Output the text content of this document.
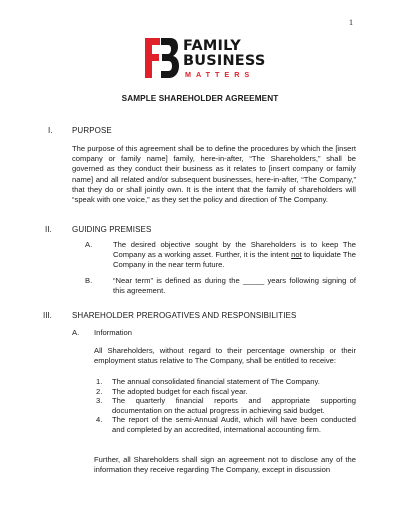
1
FAMILY
BUSINESS
MATTERS
SAMPLE SHAREHOLDER AGREEMENT
I. PURPOSE
The purpose of this agreement shall be to define the procedures by which the [insert company or family name] family, here-in-after, “The Shareholders,” shall be governed as they conduct their business as it relates to [insert company or family name] and all related and/or subsequent businesses, here-in-after, “The Company,” that they do or shall jointly own. It is the intent that the family of shareholders will “speak with one voice,” as they set the policy and direction of The Company.
II.	GUIDING PREMISES
A.	The desired objective sought by the Shareholders is to keep The Company as a working asset. Further, it is the intent not to liquidate The Company in the near term future.
B.	“Near term” is defined as during the _____ years following signing of this agreement.
III.	SHAREHOLDER PREROGATIVES AND RESPONSIBILITIES
A. Information
All Shareholders, without regard to their percentage ownership or their employment status relative to The Company, shall be entitled to receive:
1. The annual consolidated financial statement of The Company.
2. The adopted budget for each fiscal year.
3. The quarterly financial reports and appropriate supporting documentation on the actual progress in achieving said budget.
4. The report of the semi-Annual Audit, which will have been conducted and completed by an accredited, international accounting firm.
Further, all Shareholders shall sign an agreement not to disclose any of the information they receive regarding The Company, except in discussion
